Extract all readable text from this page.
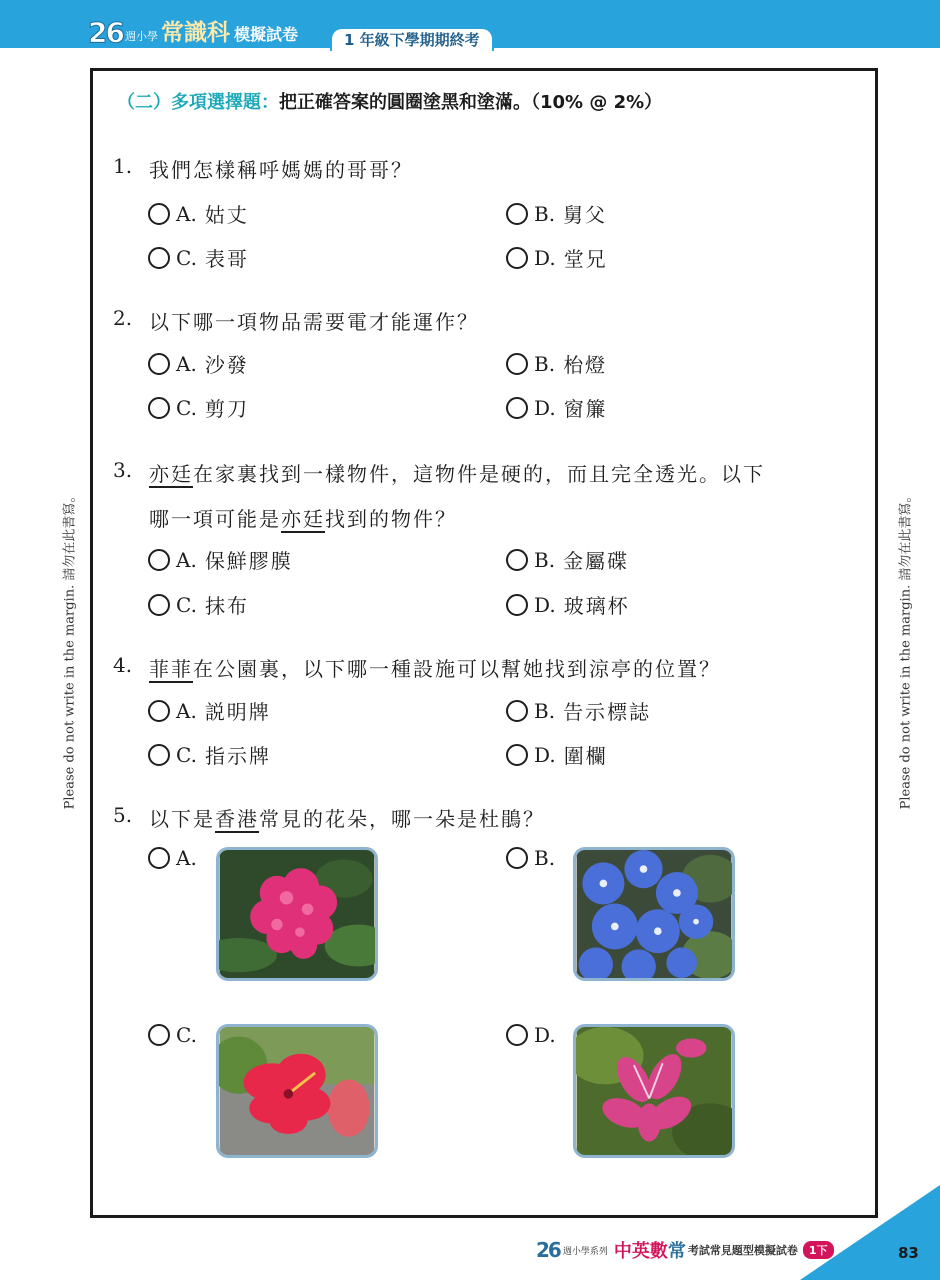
26 週小學 常識科 模擬試卷	1 年級下學期期終考
Please do not write in the margin. 請勿在此書寫。	Please do not write in the margin. 請勿在此書寫。
（二）多項選擇題：把正確答案的圓圈塗黑和塗滿。（10% @ 2%）
1. 我們怎樣稱呼媽媽的哥哥？
A. 姑丈	B. 舅父
C. 表哥	D. 堂兄
2. 以下哪一項物品需要電才能運作？
A. 沙發	B. 枱燈
C. 剪刀	D. 窗簾
3. 亦廷在家裏找到一樣物件，這物件是硬的，而且完全透光。以下
哪一項可能是亦廷找到的物件？
A. 保鮮膠膜	B. 金屬碟
C. 抹布	D. 玻璃杯
4. 菲菲在公園裏，以下哪一種設施可以幫她找到涼亭的位置？
A. 説明牌	B. 告示標誌
C. 指示牌	D. 圍欄
5. 以下是香港常見的花朵，哪一朵是杜鵑？
A.	B.
C.	D.
26 週小學系列 中英數 常 考試常見題型模擬試卷	1下	83
